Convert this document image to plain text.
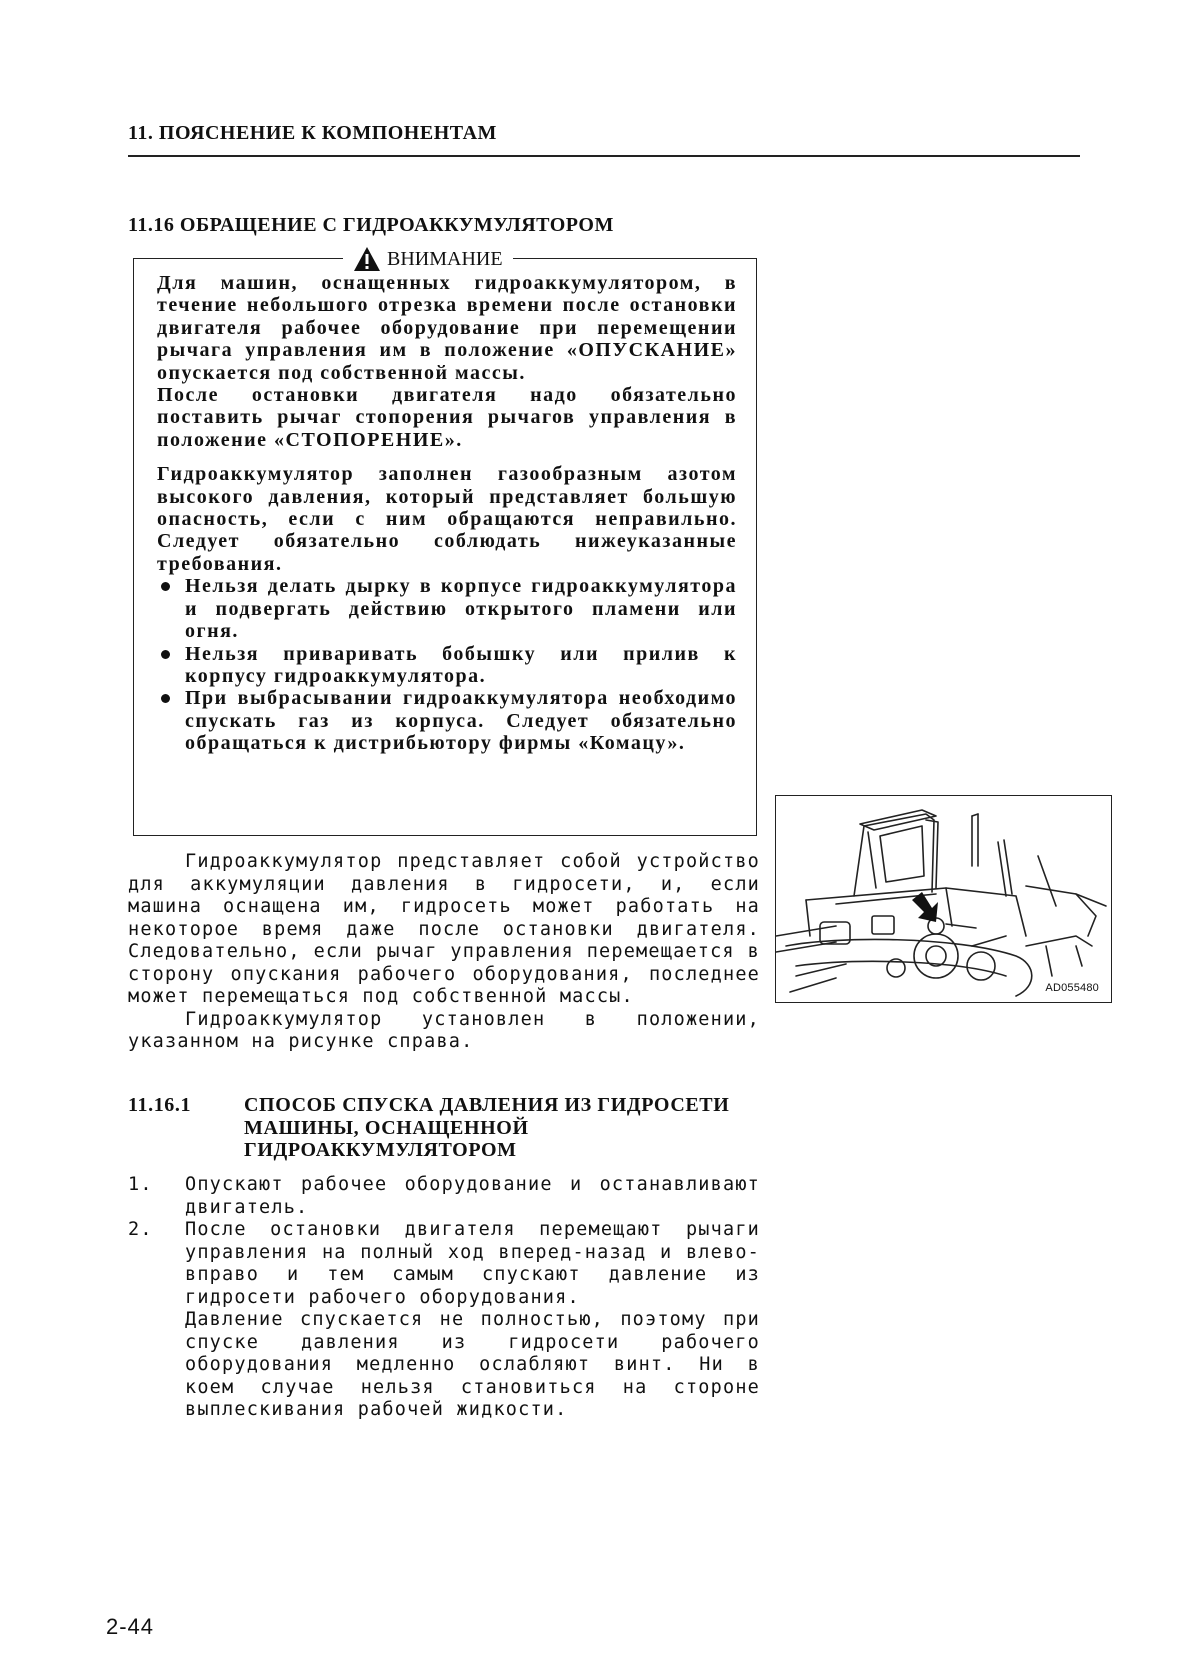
11. ПОЯСНЕНИЕ К КОМПОНЕНТАМ
11.16 ОБРАЩЕНИЕ С ГИДРОАККУМУЛЯТОРОМ
ВНИМАНИЕ
Для машин, оснащенных гидроаккумулятором, в течение небольшого отрезка времени после остановки двигателя рабочее оборудование при перемещении рычага управления им в положение «ОПУСКАНИЕ» опускается под собственной массы.
После остановки двигателя надо обязательно поставить рычаг стопорения рычагов управления в положение «СТОПОРЕНИЕ».
Гидроаккумулятор заполнен газообразным азотом высокого давления, который представляет большую опасность, если с ним обращаются неправильно. Следует обязательно соблюдать нижеуказанные требования.
Нельзя делать дырку в корпусе гидроаккумулятора и подвергать действию открытого пламени или огня.
Нельзя приваривать бобышку или прилив к корпусу гидроаккумулятора.
При выбрасывании гидроаккумулятора необходимо спускать газ из корпуса. Следует обязательно обращаться к дистрибьютору фирмы «Комацу».

Гидроаккумулятор представляет собой устройство для аккумуляции давления в гидросети, и, если машина оснащена им, гидросеть может работать на некоторое время даже после остановки двигателя. Следовательно, если рычаг управления перемещается в сторону опускания рабочего оборудования, последнее может перемещаться под собственной массы.

Гидроаккумулятор установлен в положении, указанном на рисунке справа.

11.16.1	СПОСОБ СПУСКА ДАВЛЕНИЯ ИЗ ГИДРОСЕТИ МАШИНЫ, ОСНАЩЕННОЙ ГИДРОАККУМУЛЯТОРОМ
1. Опускают рабочее оборудование и останавливают двигатель.

2. После остановки двигателя перемещают рычаги управления на полный ход вперед-назад и влево-вправо и тем самым спускают давление из гидросети рабочего оборудования.

Давление спускается не полностью, поэтому при спуске давления из гидросети рабочего оборудования медленно ослабляют винт. Ни в коем случае нельзя становиться на стороне выплескивания рабочей жидкости.

AD055480
2-44
